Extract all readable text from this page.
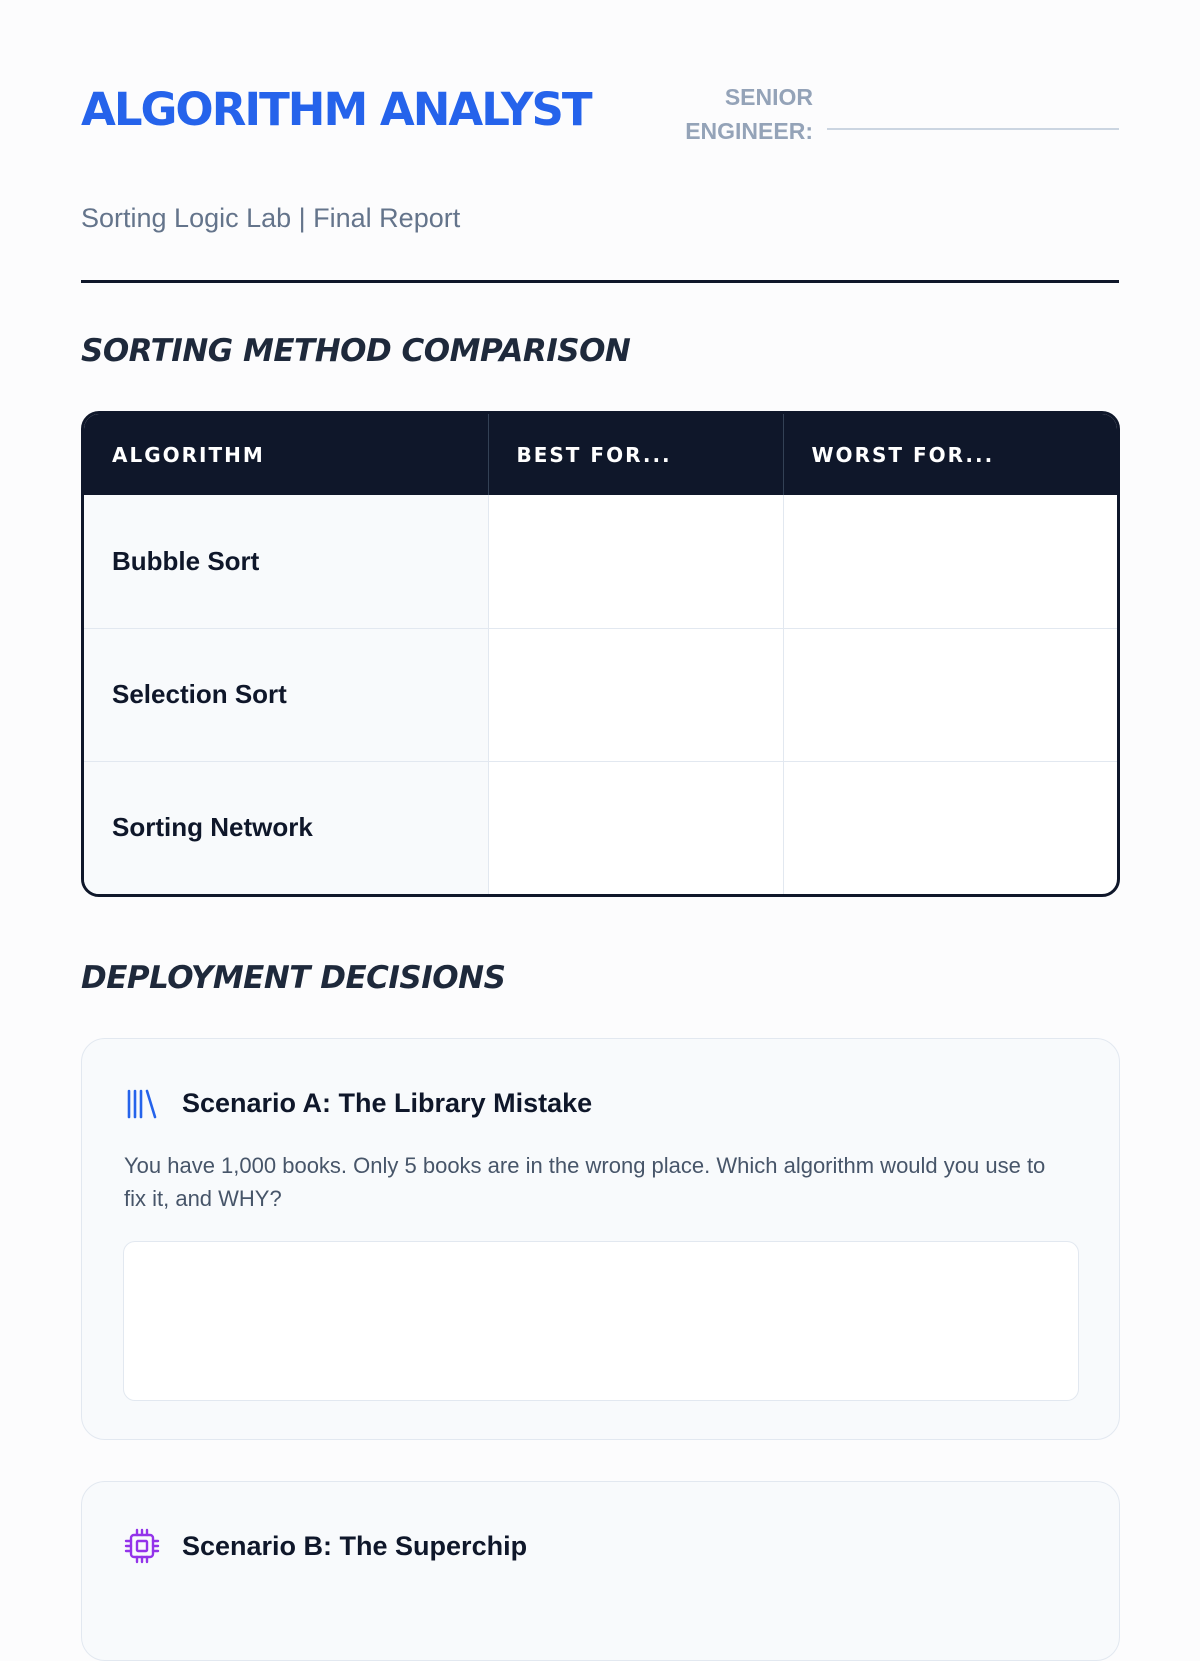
ALGORITHM ANALYST
Sorting Logic Lab | Final Report
SENIOR ENGINEER:
SORTING METHOD COMPARISON
ALGORITHM	BEST FOR...	WORST FOR...
Bubble Sort		
Selection Sort		
Sorting Network		
DEPLOYMENT DECISIONS
Scenario A: The Library Mistake

You have 1,000 books. Only 5 books are in the wrong place. Which algorithm would you use to fix it, and WHY?

Scenario B: The Superchip
